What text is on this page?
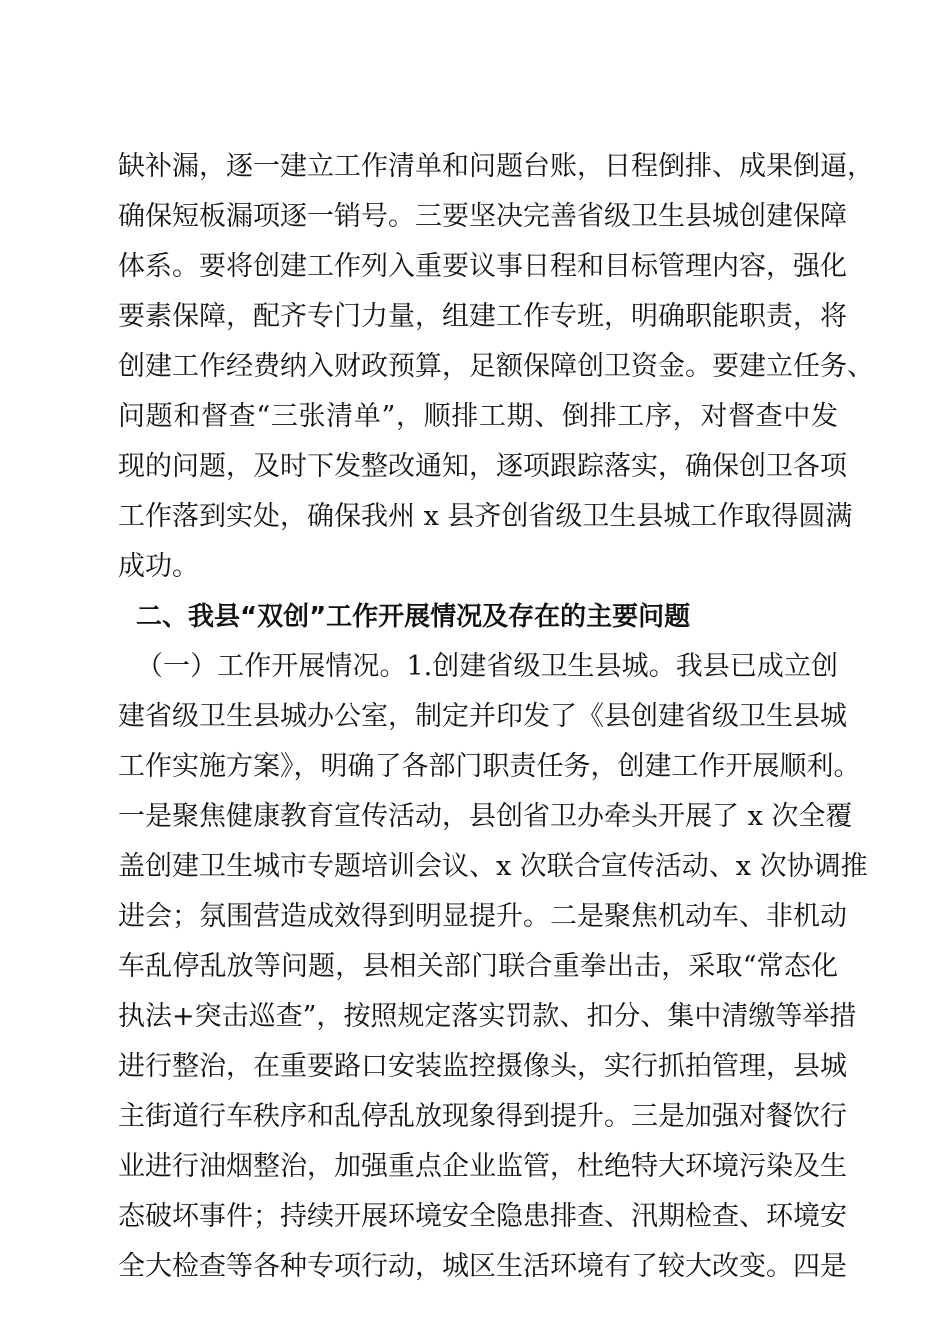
缺补漏，逐一建立工作清单和问题台账，日程倒排、成果倒逼，
确保短板漏项逐一销号。三要坚决完善省级卫生县城创建保障
体系。要将创建工作列入重要议事日程和目标管理内容，强化
要素保障，配齐专门力量，组建工作专班，明确职能职责，将
创建工作经费纳入财政预算，足额保障创卫资金。要建立任务、
问题和督查“三张清单”，顺排工期、倒排工序，对督查中发
现的问题，及时下发整改通知，逐项跟踪落实，确保创卫各项
工作落到实处，确保我州 x 县齐创省级卫生县城工作取得圆满
成功。
二、我县“双创”工作开展情况及存在的主要问题
（一）工作开展情况。1.创建省级卫生县城。我县已成立创
建省级卫生县城办公室，制定并印发了《县创建省级卫生县城
工作实施方案》，明确了各部门职责任务，创建工作开展顺利。
一是聚焦健康教育宣传活动，县创省卫办牵头开展了 x 次全覆
盖创建卫生城市专题培训会议、x 次联合宣传活动、x 次协调推
进会；氛围营造成效得到明显提升。二是聚焦机动车、非机动
车乱停乱放等问题，县相关部门联合重拳出击，采取“常态化
执法+突击巡查”，按照规定落实罚款、扣分、集中清缴等举措
进行整治，在重要路口安装监控摄像头，实行抓拍管理，县城
主街道行车秩序和乱停乱放现象得到提升。三是加强对餐饮行
业进行油烟整治，加强重点企业监管，杜绝特大环境污染及生
态破坏事件；持续开展环境安全隐患排查、汛期检查、环境安
全大检查等各种专项行动，城区生活环境有了较大改变。四是
